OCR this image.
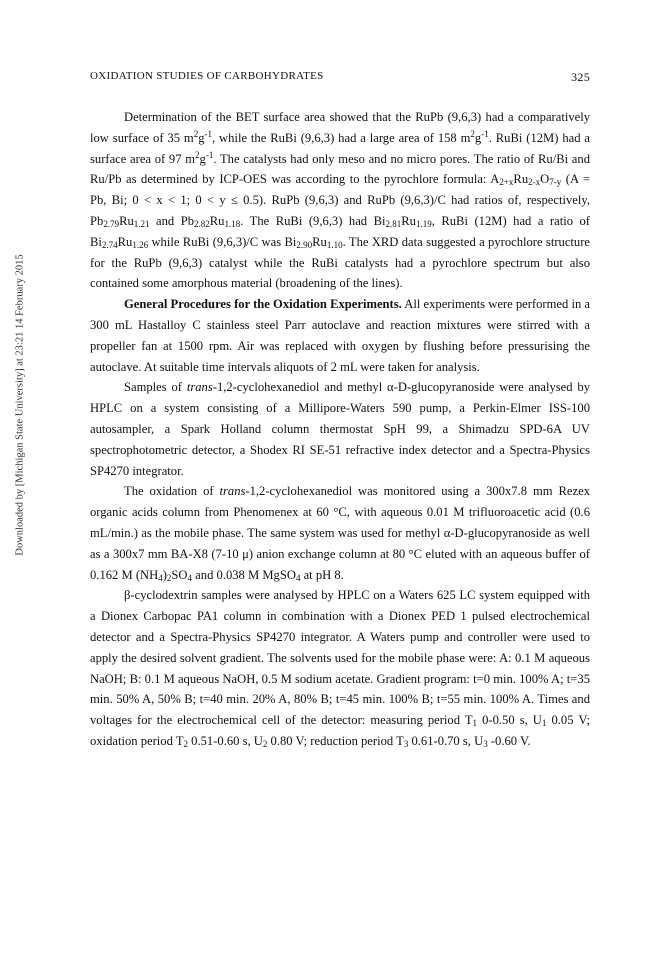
Downloaded by [Michigan State University] at 23:21 14 February 2015
OXIDATION STUDIES OF CARBOHYDRATES	325

Determination of the BET surface area showed that the RuPb (9,6,3) had a comparatively low surface of 35 $m^2g^{-1}$, while the RuBi (9,6,3) had a large area of 158 $m^2g^{-1}$. RuBi (12M) had a surface area of 97 $m^2g^{-1}$. The catalysts had only meso and no micro pores. The ratio of Ru/Bi and Ru/Pb as determined by ICP-OES was according to the pyrochlore formula: $A_{2+x}Ru_{2-x}O_{7-y}$ (A = Pb, Bi; 0 < x < 1; 0 < y ≤ 0.5). RuPb (9,6,3) and RuPb (9,6,3)/C had ratios of, respectively, $Pb_{2.79}Ru_{1.21}$ and $Pb_{2.82}Ru_{1.18}$. The RuBi (9,6,3) had $Bi_{2.81}Ru_{1.19}$, RuBi (12M) had a ratio of $Bi_{2.74}Ru_{1.26}$ while RuBi (9,6,3)/C was $Bi_{2.90}Ru_{1.10}$. The XRD data suggested a pyrochlore structure for the RuPb (9,6,3) catalyst while the RuBi catalysts had a pyrochlore spectrum but also contained some amorphous material (broadening of the lines).

General Procedures for the Oxidation Experiments. All experiments were performed in a 300 mL Hastalloy C stainless steel Parr autoclave and reaction mixtures were stirred with a propeller fan at 1500 rpm. Air was replaced with oxygen by flushing before pressurising the autoclave. At suitable time intervals aliquots of 2 mL were taken for analysis.

Samples of trans-1,2-cyclohexanediol and methyl α-D-glucopyranoside were analysed by HPLC on a system consisting of a Millipore-Waters 590 pump, a Perkin-Elmer ISS-100 autosampler, a Spark Holland column thermostat SpH 99, a Shimadzu SPD-6A UV spectrophotometric detector, a Shodex RI SE-51 refractive index detector and a Spectra-Physics SP4270 integrator.

The oxidation of trans-1,2-cyclohexanediol was monitored using a 300x7.8 mm Rezex organic acids column from Phenomenex at 60 °C, with aqueous 0.01 M trifluoroacetic acid (0.6 mL/min.) as the mobile phase. The same system was used for methyl α-D-glucopyranoside as well as a 300x7 mm BA-X8 (7-10 μ) anion exchange column at 80 °C eluted with an aqueous buffer of 0.162 M $(NH_4)_2SO_4$ and 0.038 M MgSO$_4$ at pH 8.

β-cyclodextrin samples were analysed by HPLC on a Waters 625 LC system equipped with a Dionex Carbopac PA1 column in combination with a Dionex PED 1 pulsed electrochemical detector and a Spectra-Physics SP4270 integrator. A Waters pump and controller were used to apply the desired solvent gradient. The solvents used for the mobile phase were: A: 0.1 M aqueous NaOH; B: 0.1 M aqueous NaOH, 0.5 M sodium acetate. Gradient program: t=0 min. 100% A; t=35 min. 50% A, 50% B; t=40 min. 20% A, 80% B; t=45 min. 100% B; t=55 min. 100% A. Times and voltages for the electrochemical cell of the detector: measuring period $T_1$ 0-0.50 s, $U_1$ 0.05 V; oxidation period $T_2$ 0.51-0.60 s, $U_2$ 0.80 V; reduction period $T_3$ 0.61-0.70 s, $U_3$ -0.60 V.
